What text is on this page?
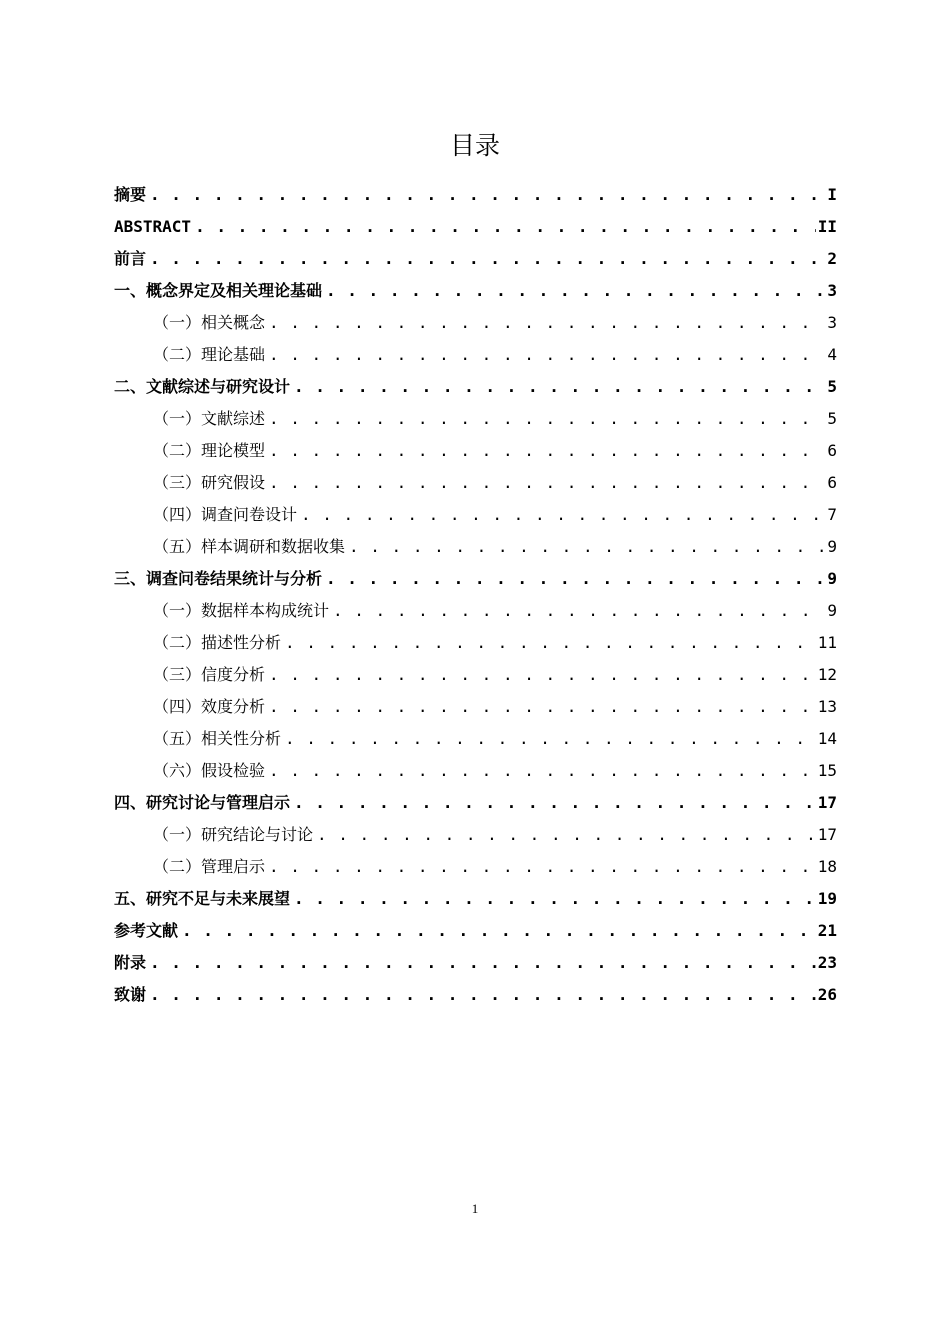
目录
摘要 . . .	I
ABSTRACT . . .	II
前言 . . .	2
一、概念界定及相关理论基础 . . .	3
（一）相关概念 . . .	3
（二）理论基础 . . .	4
二、文献综述与研究设计 . . .	5
（一）文献综述 . . .	5
（二）理论模型 . . .	6
（三）研究假设 . . .	6
（四）调查问卷设计 . . .	7
（五）样本调研和数据收集 . . .	9
三、调查问卷结果统计与分析 . . .	9
（一）数据样本构成统计 . . .	9
（二）描述性分析 . . .	11
（三）信度分析 . . .	12
（四）效度分析 . . .	13
（五）相关性分析 . . .	14
（六）假设检验 . . .	15
四、研究讨论与管理启示 . . .	17
（一）研究结论与讨论 . . .	17
（二）管理启示 . . .	18
五、研究不足与未来展望 . . .	19
参考文献 . . .	21
附录 . . .	23
致谢 . . .	26
1
